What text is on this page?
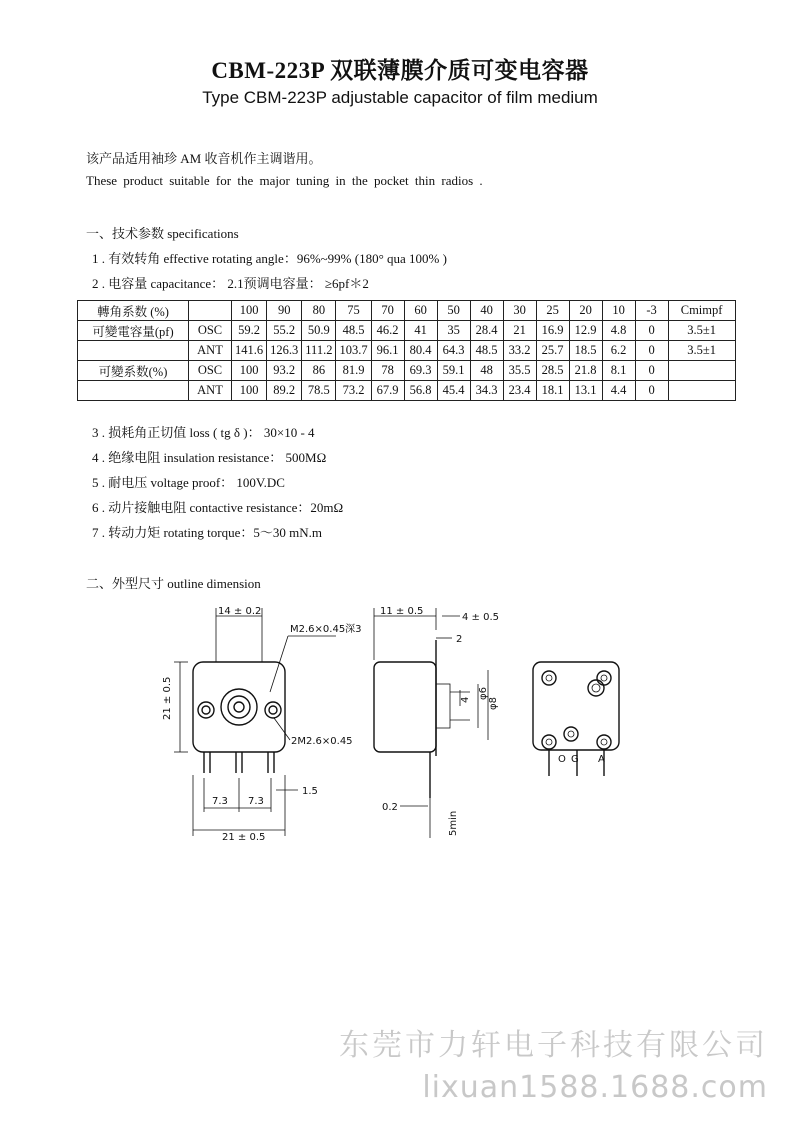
CBM-223P 双联薄膜介质可变电容器
Type CBM-223P adjustable capacitor of film medium
该产品适用袖珍 AM 收音机作主调谐用。
These product suitable for the major tuning in the pocket thin radios .
一、技术参数 specifications
1 . 有效转角 effective rotating angle：96%~99% (180° qua 100% )
2 . 电容量 capacitance： 2.1预调电容量： ≥6pf＊2
轉角系数 (%)		100	90	80	75	70	60	50	40	30	25	20	10	-3	Cmimpf
可變電容量(pf)	OSC	59.2	55.2	50.9	48.5	46.2	41	35	28.4	21	16.9	12.9	4.8	0	3.5±1
	ANT	141.6	126.3	111.2	103.7	96.1	80.4	64.3	48.5	33.2	25.7	18.5	6.2	0	3.5±1
可變系数(%)	OSC	100	93.2	86	81.9	78	69.3	59.1	48	35.5	28.5	21.8	8.1	0	
	ANT	100	89.2	78.5	73.2	67.9	56.8	45.4	34.3	23.4	18.1	13.1	4.4	0	
3 . 损耗角正切值 loss ( tg δ )： 30×10 - 4
4 . 绝缘电阻 insulation resistance： 500MΩ
5 . 耐电压 voltage proof： 100V.DC
6 . 动片接触电阻 contactive resistance：20mΩ
7 . 转动力矩 rotating torque：5～30 mN.m
二、外型尺寸 outline dimension
14 ± 0.2
M2.6×0.45深3
21 ± 0.5
2M2.6×0.45
1.5
7.3 7.3
21 ± 0.5
11 ± 0.5
4 ± 0.5
2
4 φ6
φ8
0.2
5min
O G A
东莞市力轩电子科技有限公司
lixuan1588.1688.com
